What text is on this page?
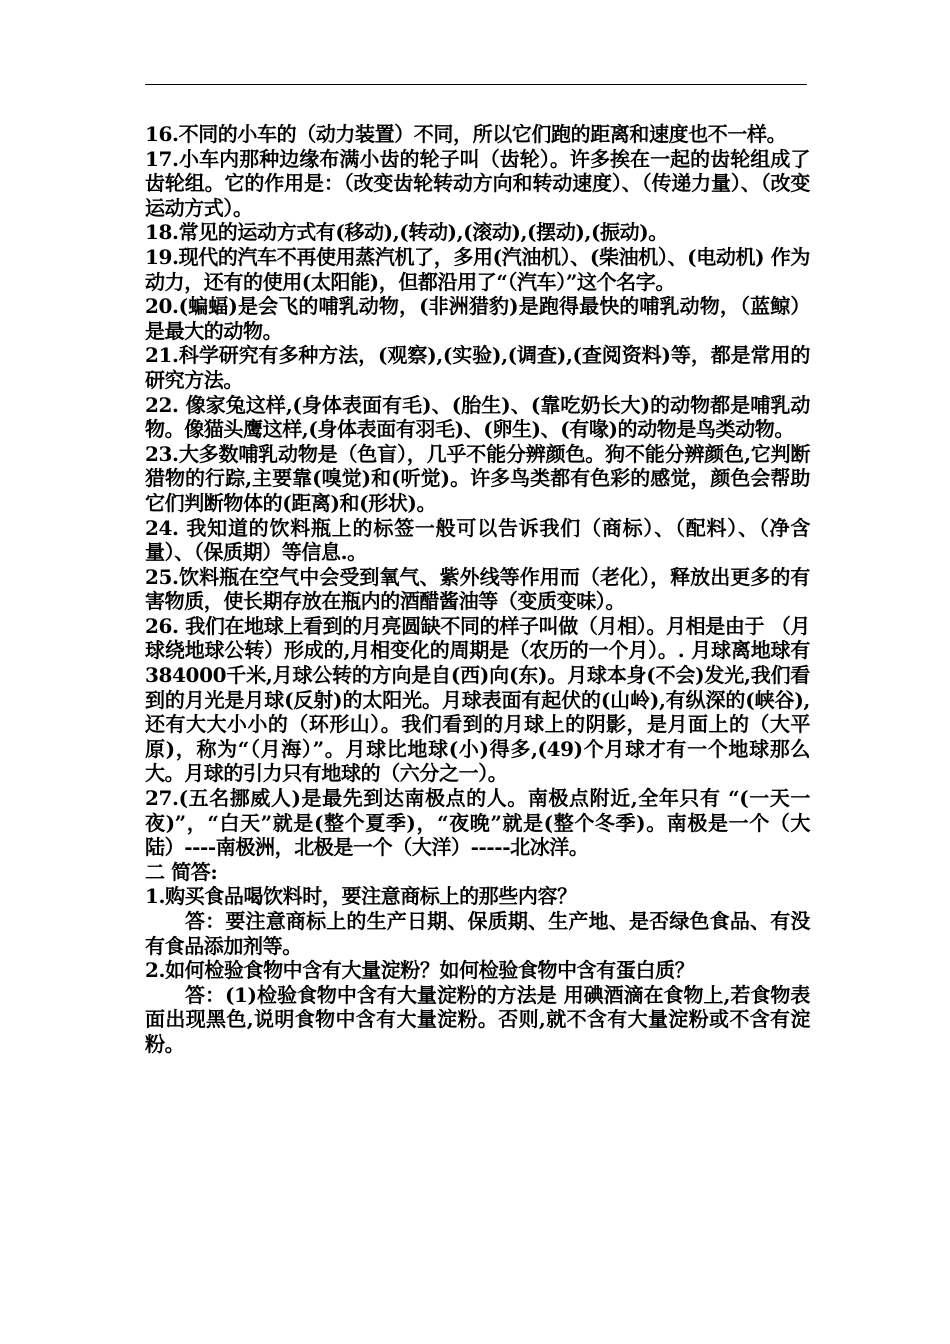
16.不同的小车的（动力装置）不同，所以它们跑的距离和速度也不一样。

17.小车内那种边缘布满小齿的轮子叫（齿轮）。许多挨在一起的齿轮组成了齿轮组。它的作用是：（改变齿轮转动方向和转动速度）、（传递力量）、（改变运动方式）。

18.常见的运动方式有(移动),(转动),(滚动),(摆动),(振动)。

19.现代的汽车不再使用蒸汽机了，多用(汽油机）、(柴油机）、(电动机) 作为动力，还有的使用(太阳能)，但都沿用了“（汽车）”这个名字。

20.(蝙蝠)是会飞的哺乳动物，(非洲猎豹)是跑得最快的哺乳动物，（蓝鲸）是最大的动物。

21.科学研究有多种方法，(观察),(实验),(调查),(查阅资料)等，都是常用的研究方法。

22. 像家兔这样,(身体表面有毛)、(胎生)、(靠吃奶长大)的动物都是哺乳动物。像猫头鹰这样,(身体表面有羽毛)、(卵生)、(有喙)的动物是鸟类动物。

23.大多数哺乳动物是（色盲），几乎不能分辨颜色。狗不能分辨颜色,它判断猎物的行踪,主要靠(嗅觉)和(听觉)。许多鸟类都有色彩的感觉，颜色会帮助它们判断物体的(距离)和(形状)。

24. 我知道的饮料瓶上的标签一般可以告诉我们（商标）、（配料）、（净含量）、（保质期）等信息.。

25.饮料瓶在空气中会受到氧气、紫外线等作用而（老化），释放出更多的有害物质，使长期存放在瓶内的酒醋酱油等（变质变味）。

26. 我们在地球上看到的月亮圆缺不同的样子叫做（月相）。月相是由于 （月球绕地球公转）形成的,月相变化的周期是（农历的一个月）。. 月球离地球有384000千米,月球公转的方向是自(西)向(东)。月球本身(不会)发光,我们看到的月光是月球(反射)的太阳光。月球表面有起伏的(山岭),有纵深的(峡谷),还有大大小小的（环形山）。我们看到的月球上的阴影，是月面上的（大平原)，称为“（月海）”。月球比地球(小)得多,(49)个月球才有一个地球那么大。月球的引力只有地球的（六分之一）。

27.(五名挪威人)是最先到达南极点的人。南极点附近,全年只有 “(一天一夜)”，“白天”就是(整个夏季)，“夜晚”就是(整个冬季)。南极是一个（大陆）----南极洲，北极是一个（大洋）-----北冰洋。

二 简答:

1.购买食品喝饮料时，要注意商标上的那些内容？

答：要注意商标上的生产日期、保质期、生产地、是否绿色食品、有没有食品添加剂等。

2.如何检验食物中含有大量淀粉？如何检验食物中含有蛋白质？

答：(1)检验食物中含有大量淀粉的方法是 用碘酒滴在食物上,若食物表面出现黑色,说明食物中含有大量淀粉。否则,就不含有大量淀粉或不含有淀粉。
